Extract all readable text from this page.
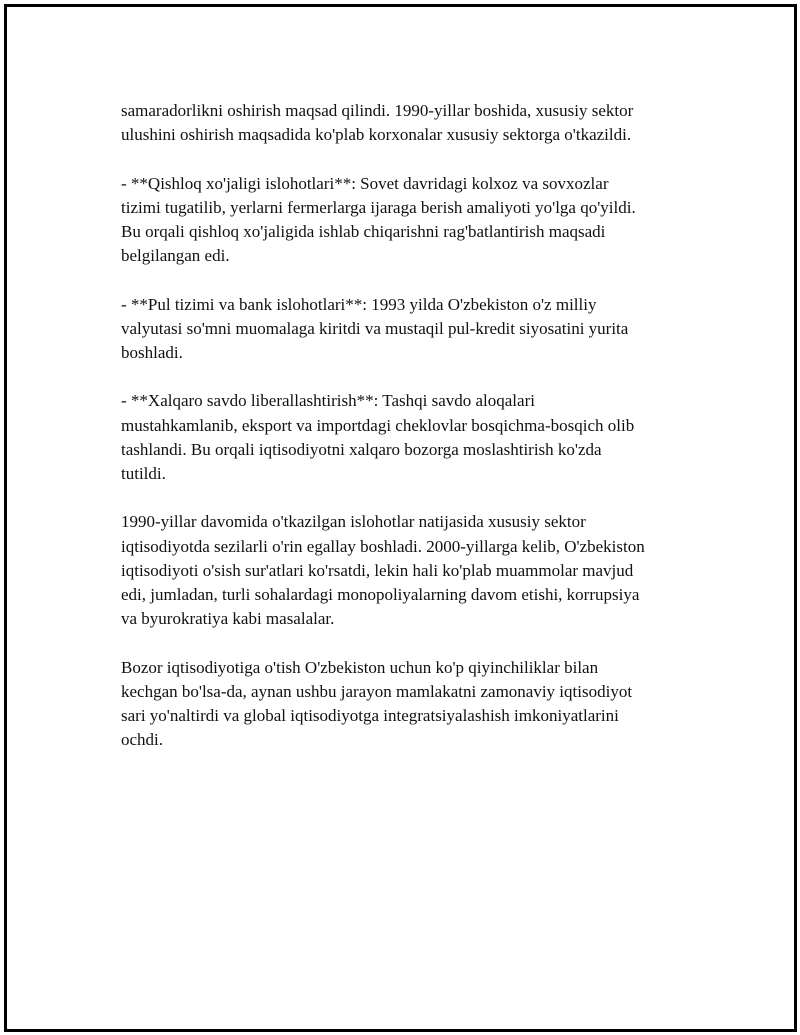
samaradorlikni oshirish maqsad qilindi. 1990-yillar boshida, xususiy sektor
ulushini oshirish maqsadida ko'plab korxonalar xususiy sektorga o'tkazildi.

- **Qishloq xo'jaligi islohotlari**: Sovet davridagi kolxoz va sovxozlar
tizimi tugatilib, yerlarni fermerlarga ijaraga berish amaliyoti yo'lga qo'yildi.
Bu orqali qishloq xo'jaligida ishlab chiqarishni rag'batlantirish maqsadi
belgilangan edi.

- **Pul tizimi va bank islohotlari**: 1993 yilda O'zbekiston o'z milliy
valyutasi so'mni muomalaga kiritdi va mustaqil pul-kredit siyosatini yurita
boshladi.

- **Xalqaro savdo liberallashtirish**: Tashqi savdo aloqalari
mustahkamlanib, eksport va importdagi cheklovlar bosqichma-bosqich olib
tashlandi. Bu orqali iqtisodiyotni xalqaro bozorga moslashtirish ko'zda
tutildi.

1990-yillar davomida o'tkazilgan islohotlar natijasida xususiy sektor
iqtisodiyotda sezilarli o'rin egallay boshladi. 2000-yillarga kelib, O'zbekiston
iqtisodiyoti o'sish sur'atlari ko'rsatdi, lekin hali ko'plab muammolar mavjud
edi, jumladan, turli sohalardagi monopoliyalarning davom etishi, korrupsiya
va byurokratiya kabi masalalar.

Bozor iqtisodiyotiga o'tish O'zbekiston uchun ko'p qiyinchiliklar bilan
kechgan bo'lsa-da, aynan ushbu jarayon mamlakatni zamonaviy iqtisodiyot
sari yo'naltirdi va global iqtisodiyotga integratsiyalashish imkoniyatlarini
ochdi.
